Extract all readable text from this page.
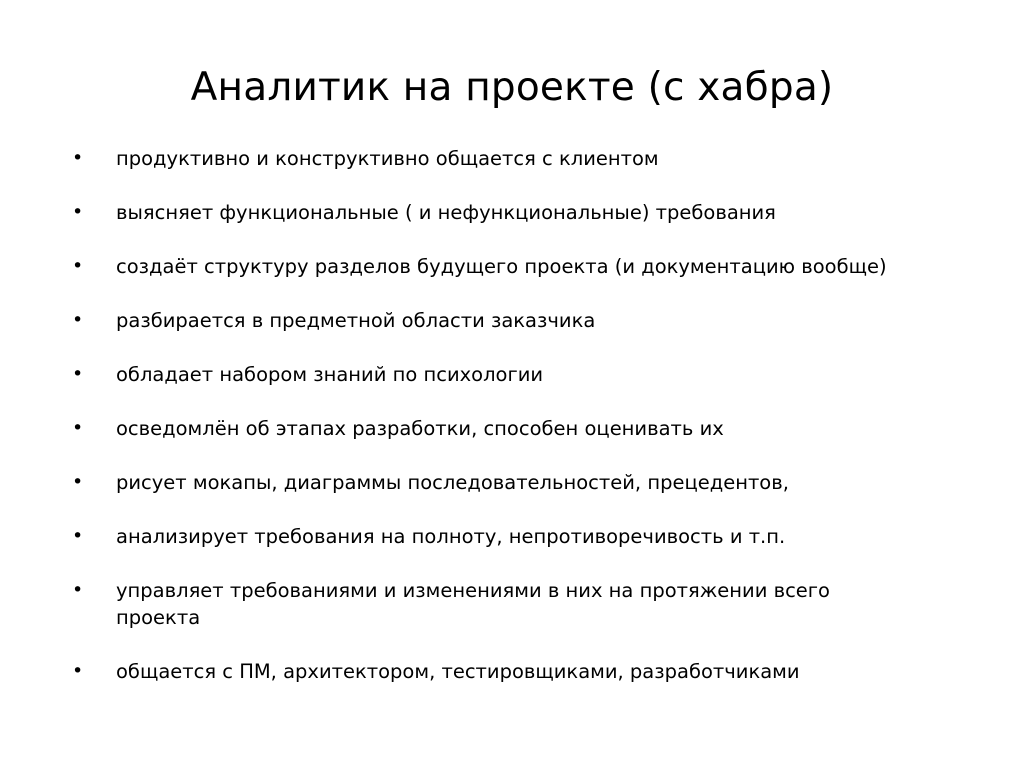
Аналитик на проекте (с хабра)
•	продуктивно и конструктивно общается с клиентом
•	выясняет функциональные ( и нефункциональные) требования
•	создаёт структуру разделов будущего проекта (и документацию вообще)
•	разбирается в предметной области заказчика
•	обладает набором знаний по психологии
•	осведомлён об этапах разработки, способен оценивать их
•	рисует мокапы, диаграммы последовательностей, прецедентов,
•	анализирует требования на полноту, непротиворечивость и т.п.
•	управляет требованиями и изменениями в них на протяжении всего проекта
•	общается с ПМ, архитектором, тестировщиками, разработчиками
